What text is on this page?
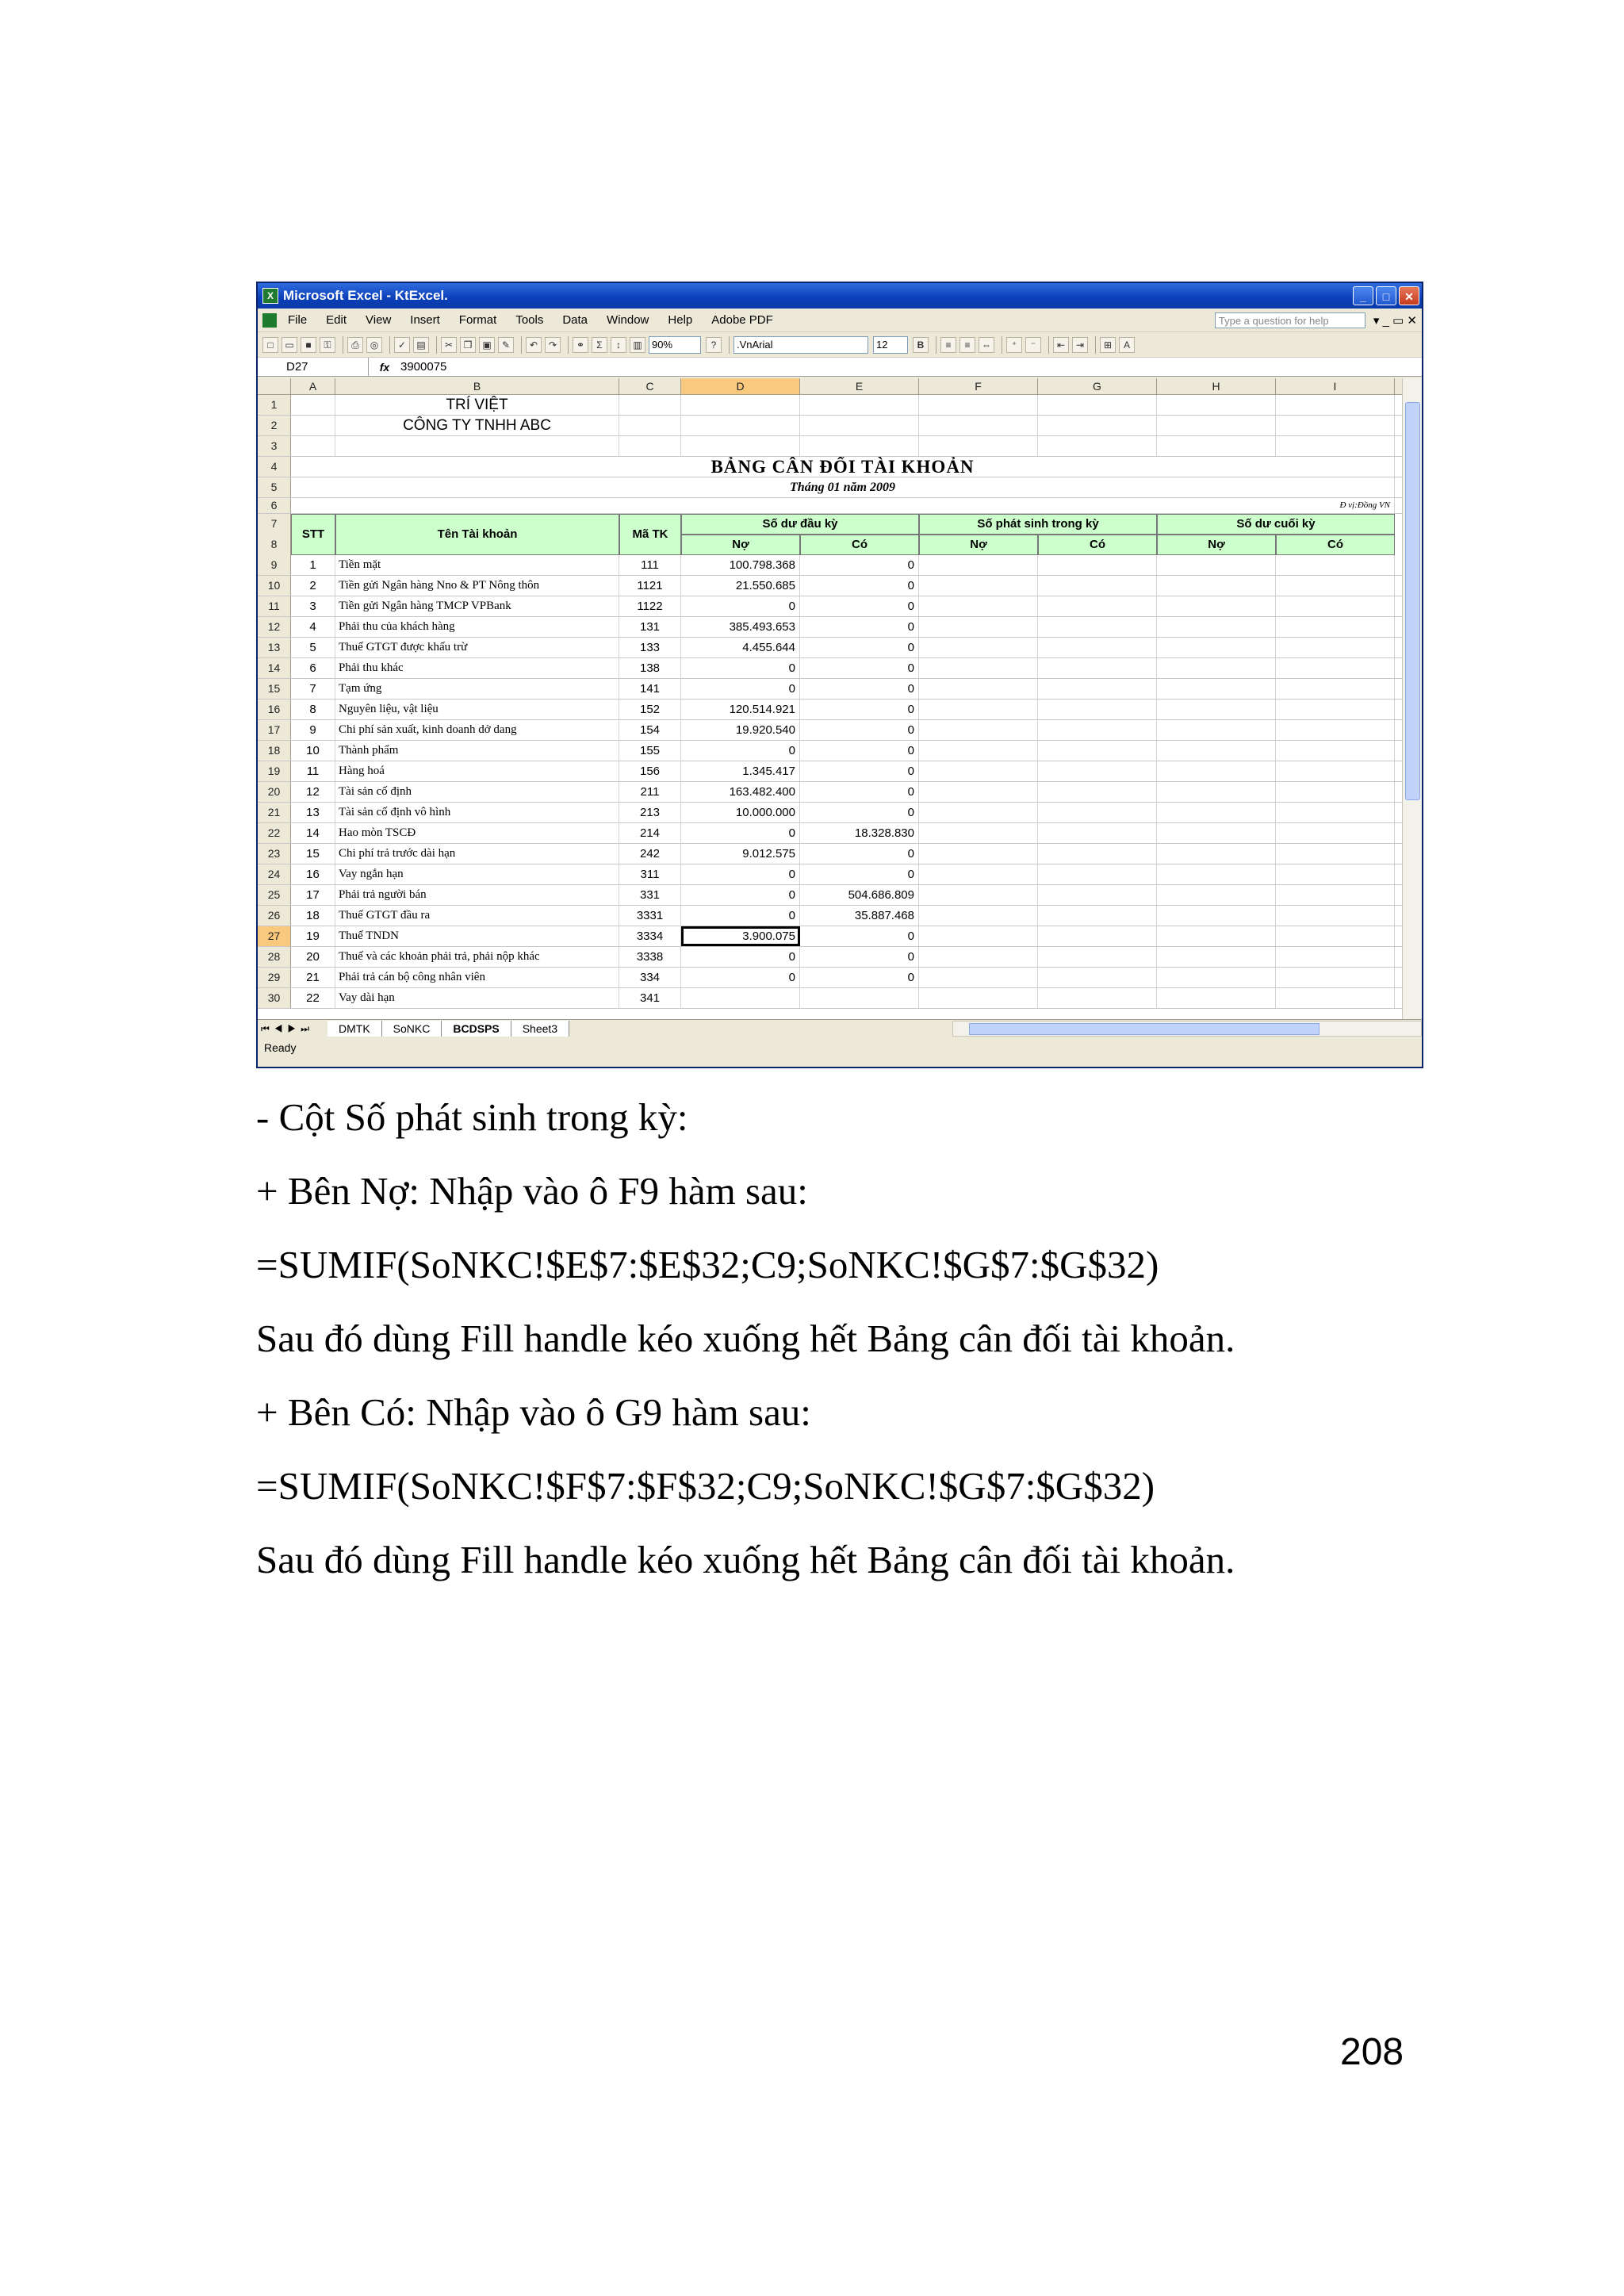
X Microsoft Excel - KtExcel.	_	□	✕
File Edit View Insert Format Tools Data Window Help Adobe PDF	Type a question for help	▾ _ ▭ ✕
□	▭	■	⚿	⎙	◎	✓	▤	✂	❐	▣	✎	↶	↷	⚭	Σ	↕	▥ 90%	?	.VnArial	12	B	≡	≡	⇔	⁺	⁻	⇤	⇥	⊞	A
D27	fx 3900075
A	B	C	D	E	F	G	H	I
1	TRÍ VIỆT
2	CÔNG TY TNHH ABC
3
4	BẢNG CÂN ĐỐI TÀI KHOẢN
5	Tháng 01 năm 2009
6	Đ vị:Đồng VN
7
8
STT	Tên Tài khoản	Mã TK
Số dư đầu kỳ
Nợ	Có
Số phát sinh trong kỳ
Nợ	Có
Số dư cuối kỳ
Nợ	Có
9	1	Tiền mặt	111	100.798.368	0
10	2	Tiền gửi Ngân hàng Nno & PT Nông thôn	1121	21.550.685	0
11	3	Tiền gửi Ngân hàng TMCP VPBank	1122	0	0
12	4	Phải thu của khách hàng	131	385.493.653	0
13	5	Thuế GTGT được khấu trừ	133	4.455.644	0
14	6	Phải thu khác	138	0	0
15	7	Tạm ứng	141	0	0
16	8	Nguyên liệu, vật liệu	152	120.514.921	0
17	9	Chi phí sản xuất, kinh doanh dở dang	154	19.920.540	0
18	10	Thành phẩm	155	0	0
19	11	Hàng hoá	156	1.345.417	0
20	12	Tài sản cố định	211	163.482.400	0
21	13	Tài sản cố định vô hình	213	10.000.000	0
22	14	Hao mòn TSCĐ	214	0	18.328.830
23	15	Chi phí trả trước dài hạn	242	9.012.575	0
24	16	Vay ngắn hạn	311	0	0
25	17	Phải trả người bán	331	0	504.686.809
26	18	Thuế GTGT đầu ra	3331	0	35.887.468
27	19	Thuế TNDN	3334	3.900.075	0
28	20	Thuế và các khoản phải trả, phải nộp khác	3338	0	0
29	21	Phải trả cán bộ công nhân viên	334	0	0
30	22	Vay dài hạn	341
⏮◀▶⏭	DMTK	SoNKC	BCDSPS	Sheet3
Ready
- Cột Số phát sinh trong kỳ:
+ Bên Nợ: Nhập vào ô F9 hàm sau:
=SUMIF(SoNKC!$E$7:$E$32;C9;SoNKC!$G$7:$G$32)
Sau đó dùng Fill handle kéo xuống hết Bảng cân đối tài khoản.
+ Bên Có: Nhập vào ô G9 hàm sau:
=SUMIF(SoNKC!$F$7:$F$32;C9;SoNKC!$G$7:$G$32)
Sau đó dùng Fill handle kéo xuống hết Bảng cân đối tài khoản.
208
